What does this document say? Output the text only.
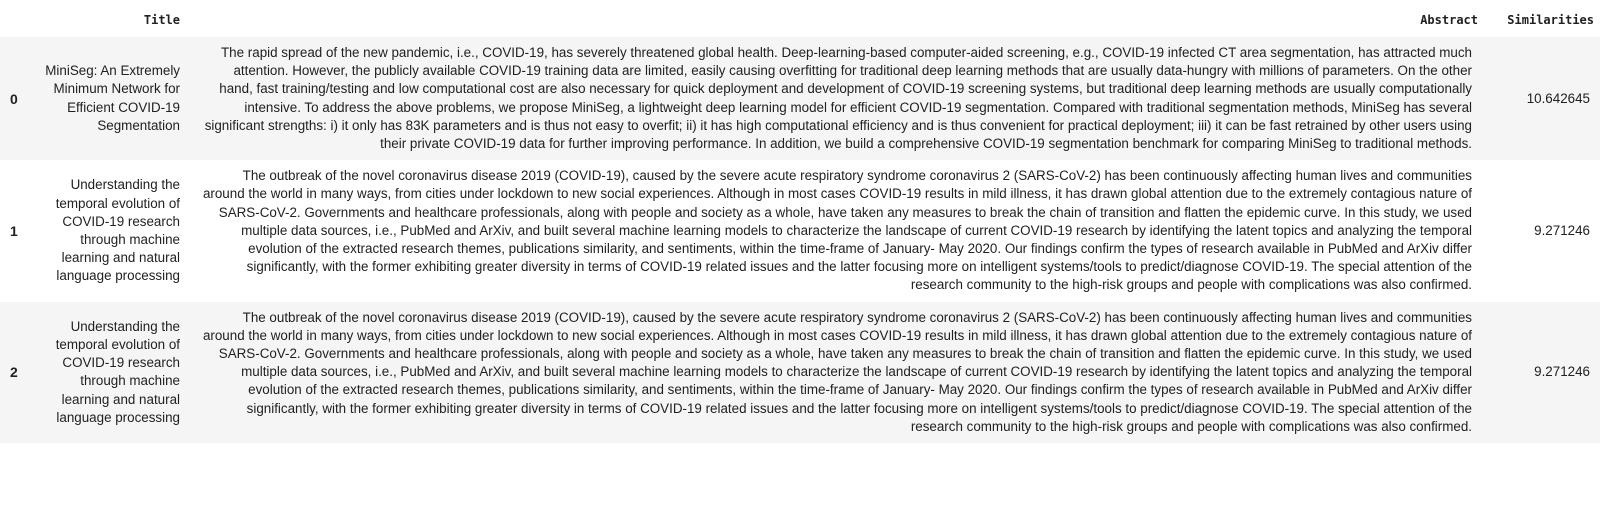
	Title	Abstract	Similarities
0	MiniSeg: An Extremely Minimum Network for Efficient COVID-19 Segmentation	The rapid spread of the new pandemic, i.e., COVID-19, has severely threatened global health. Deep-learning-based computer-aided screening, e.g., COVID-19 infected CT area segmentation, has attracted much attention. However, the publicly available COVID-19 training data are limited, easily causing overfitting for traditional deep learning methods that are usually data-hungry with millions of parameters. On the other hand, fast training/testing and low computational cost are also necessary for quick deployment and development of COVID-19 screening systems, but traditional deep learning methods are usually computationally intensive. To address the above problems, we propose MiniSeg, a lightweight deep learning model for efficient COVID-19 segmentation. Compared with traditional segmentation methods, MiniSeg has several significant strengths: i) it only has 83K parameters and is thus not easy to overfit; ii) it has high computational efficiency and is thus convenient for practical deployment; iii) it can be fast retrained by other users using their private COVID-19 data for further improving performance. In addition, we build a comprehensive COVID-19 segmentation benchmark for comparing MiniSeg to traditional methods.	10.642645
1	Understanding the temporal evolution of COVID-19 research through machine learning and natural language processing	The outbreak of the novel coronavirus disease 2019 (COVID-19), caused by the severe acute respiratory syndrome coronavirus 2 (SARS-CoV-2) has been continuously affecting human lives and communities around the world in many ways, from cities under lockdown to new social experiences. Although in most cases COVID-19 results in mild illness, it has drawn global attention due to the extremely contagious nature of SARS-CoV-2. Governments and healthcare professionals, along with people and society as a whole, have taken any measures to break the chain of transition and flatten the epidemic curve. In this study, we used multiple data sources, i.e., PubMed and ArXiv, and built several machine learning models to characterize the landscape of current COVID-19 research by identifying the latent topics and analyzing the temporal evolution of the extracted research themes, publications similarity, and sentiments, within the time-frame of January- May 2020. Our findings confirm the types of research available in PubMed and ArXiv differ significantly, with the former exhibiting greater diversity in terms of COVID-19 related issues and the latter focusing more on intelligent systems/tools to predict/diagnose COVID-19. The special attention of the research community to the high-risk groups and people with complications was also confirmed.	9.271246
2	Understanding the temporal evolution of COVID-19 research through machine learning and natural language processing	The outbreak of the novel coronavirus disease 2019 (COVID-19), caused by the severe acute respiratory syndrome coronavirus 2 (SARS-CoV-2) has been continuously affecting human lives and communities around the world in many ways, from cities under lockdown to new social experiences. Although in most cases COVID-19 results in mild illness, it has drawn global attention due to the extremely contagious nature of SARS-CoV-2. Governments and healthcare professionals, along with people and society as a whole, have taken any measures to break the chain of transition and flatten the epidemic curve. In this study, we used multiple data sources, i.e., PubMed and ArXiv, and built several machine learning models to characterize the landscape of current COVID-19 research by identifying the latent topics and analyzing the temporal evolution of the extracted research themes, publications similarity, and sentiments, within the time-frame of January- May 2020. Our findings confirm the types of research available in PubMed and ArXiv differ significantly, with the former exhibiting greater diversity in terms of COVID-19 related issues and the latter focusing more on intelligent systems/tools to predict/diagnose COVID-19. The special attention of the research community to the high-risk groups and people with complications was also confirmed.	9.271246
